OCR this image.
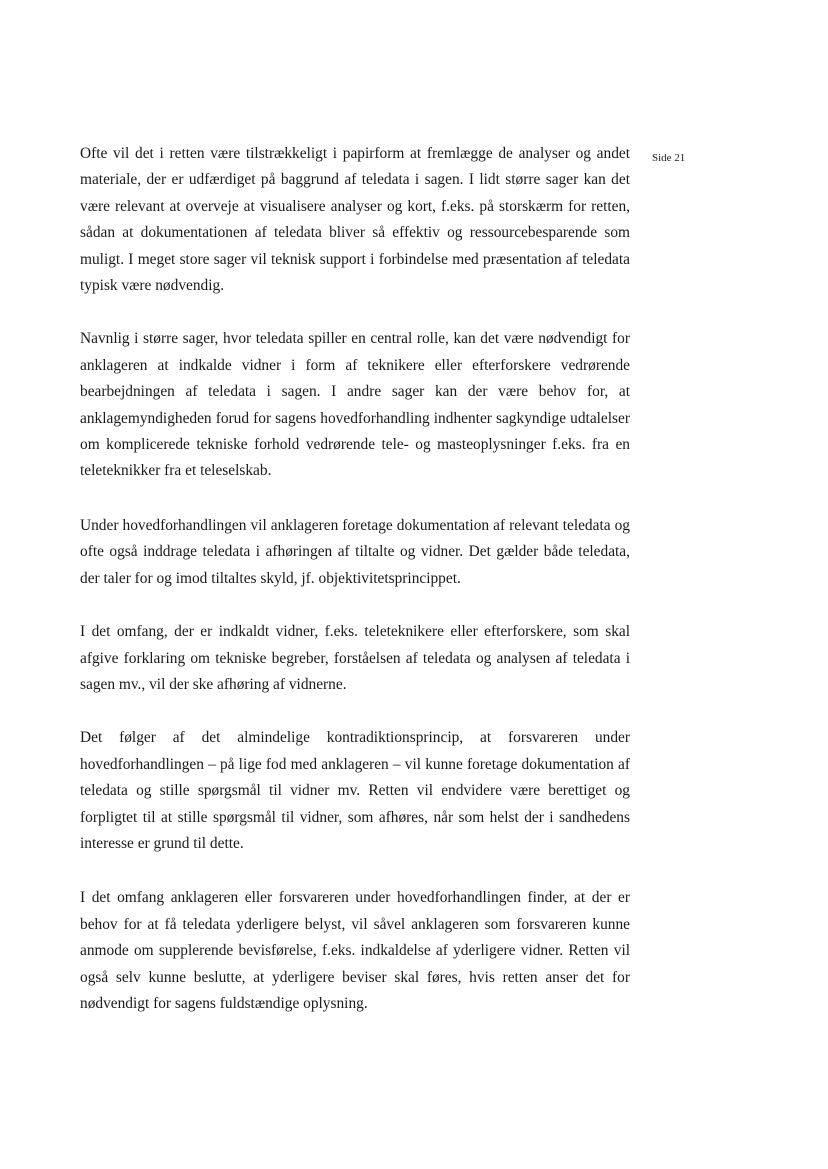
Side 21

Ofte vil det i retten være tilstrækkeligt i papirform at fremlægge de analyser og andet materiale, der er udfærdiget på baggrund af teledata i sagen. I lidt større sager kan det være relevant at overveje at visualisere analyser og kort, f.eks. på storskærm for retten, sådan at dokumentationen af teledata bliver så effektiv og ressourcebesparende som muligt. I meget store sager vil teknisk support i forbindelse med præsentation af teledata typisk være nødvendig.

Navnlig i større sager, hvor teledata spiller en central rolle, kan det være nødvendigt for anklageren at indkalde vidner i form af teknikere eller efterforskere vedrørende bearbejdningen af teledata i sagen. I andre sager kan der være behov for, at anklagemyndigheden forud for sagens hovedforhandling indhenter sagkyndige udtalelser om komplicerede tekniske forhold vedrørende tele- og masteoplysninger f.eks. fra en teleteknikker fra et teleselskab.

Under hovedforhandlingen vil anklageren foretage dokumentation af relevant teledata og ofte også inddrage teledata i afhøringen af tiltalte og vidner. Det gælder både teledata, der taler for og imod tiltaltes skyld, jf. objektivitetsprincippet.

I det omfang, der er indkaldt vidner, f.eks. teleteknikere eller efterforskere, som skal afgive forklaring om tekniske begreber, forståelsen af teledata og analysen af teledata i sagen mv., vil der ske afhøring af vidnerne.

Det følger af det almindelige kontradiktionsprincip, at forsvareren under hovedforhandlingen – på lige fod med anklageren – vil kunne foretage dokumentation af teledata og stille spørgsmål til vidner mv. Retten vil endvidere være berettiget og forpligtet til at stille spørgsmål til vidner, som afhøres, når som helst der i sandhedens interesse er grund til dette.

I det omfang anklageren eller forsvareren under hovedforhandlingen finder, at der er behov for at få teledata yderligere belyst, vil såvel anklageren som forsvareren kunne anmode om supplerende bevisførelse, f.eks. indkaldelse af yderligere vidner. Retten vil også selv kunne beslutte, at yderligere beviser skal føres, hvis retten anser det for nødvendigt for sagens fuldstændige oplysning.
